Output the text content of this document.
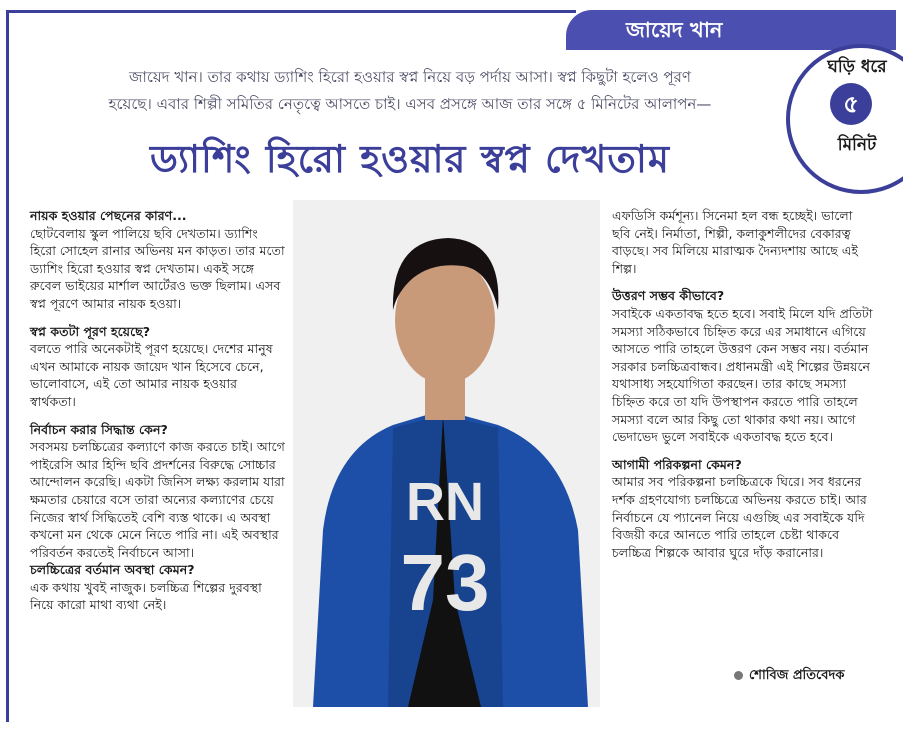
জায়েদ খান
ঘড়ি ধরে
৫
মিনিট
জায়েদ খান। তার কথায় ড্যাশিং হিরো হওয়ার স্বপ্ন নিয়ে বড় পর্দায় আসা। স্বপ্ন কিছুটা হলেও পূরণ
হয়েছে। এবার শিল্পী সমিতির নেতৃত্বে আসতে চাই। এসব প্রসঙ্গে আজ তার সঙ্গে ৫ মিনিটের আলাপন—
ড্যাশিং হিরো হওয়ার স্বপ্ন দেখতাম
নায়ক হওয়ার পেছনের কারণ...
ছোটবেলায় স্কুল পালিয়ে ছবি দেখতাম। ড্যাশিং হিরো সোহেল রানার অভিনয় মন কাড়ত। তার মতো ড্যাশিং হিরো হওয়ার স্বপ্ন দেখতাম। একই সঙ্গে রুবেল ভাইয়ের মার্শাল আর্টেরও ভক্ত ছিলাম। এসব স্বপ্ন পূরণে আমার নায়ক হওয়া।
স্বপ্ন কতটা পূরণ হয়েছে?
বলতে পারি অনেকটাই পূরণ হয়েছে। দেশের মানুষ এখন আমাকে নায়ক জায়েদ খান হিসেবে চেনে, ভালোবাসে, এই তো আমার নায়ক হওয়ার স্বার্থকতা।
নির্বাচন করার সিদ্ধান্ত কেন?
সবসময় চলচ্চিত্রের কল্যাণে কাজ করতে চাই। আগে পাইরেসি আর হিন্দি ছবি প্রদর্শনের বিরুদ্ধে সোচ্চার আন্দোলন করেছি। একটা জিনিস লক্ষ্য করলাম যারা ক্ষমতার চেয়ারে বসে তারা অন্যের কল্যাণের চেয়ে নিজের স্বার্থ সিদ্ধিতেই বেশি ব্যস্ত থাকে। এ অবস্থা কখনো মন থেকে মেনে নিতে পারি না। এই অবস্থার পরিবর্তন করতেই নির্বাচনে আসা।
চলচ্চিত্রের বর্তমান অবস্থা কেমন?
এক কথায় খুবই নাজুক। চলচ্চিত্র শিল্পের দুরবস্থা নিয়ে কারো মাথা ব্যথা নেই।
RN
73
এফডিসি কর্মশূন্য। সিনেমা হল বন্ধ হচ্ছেই। ভালো ছবি নেই। নির্মাতা, শিল্পী, কলাকুশলীদের বেকারত্ব বাড়ছে। সব মিলিয়ে মারাত্মক দৈন্যদশায় আছে এই শিল্প।
উত্তরণ সম্ভব কীভাবে?
সবাইকে একতাবদ্ধ হতে হবে। সবাই মিলে যদি প্রতিটা সমস্যা সঠিকভাবে চিহ্নিত করে এর সমাধানে এগিয়ে আসতে পারি তাহলে উত্তরণ কেন সম্ভব নয়। বর্তমান সরকার চলচ্চিত্রবান্ধব। প্রধানমন্ত্রী এই শিল্পের উন্নয়নে যথাসাধ্য সহযোগিতা করছেন। তার কাছে সমস্যা চিহ্নিত করে তা যদি উপস্থাপন করতে পারি তাহলে সমস্যা বলে আর কিছু তো থাকার কথা নয়। আগে ভেদাভেদ ভুলে সবাইকে একতাবদ্ধ হতে হবে।
আগামী পরিকল্পনা কেমন?
আমার সব পরিকল্পনা চলচ্চিত্রকে ঘিরে। সব ধরনের দর্শক গ্রহণযোগ্য চলচ্চিত্রে অভিনয় করতে চাই। আর নির্বাচনে যে প্যানেল নিয়ে এগুচ্ছি এর সবাইকে যদি বিজয়ী করে আনতে পারি তাহলে চেষ্টা থাকবে চলচ্চিত্র শিল্পকে আবার ঘুরে দাঁড় করানোর।
শোবিজ প্রতিবেদক
